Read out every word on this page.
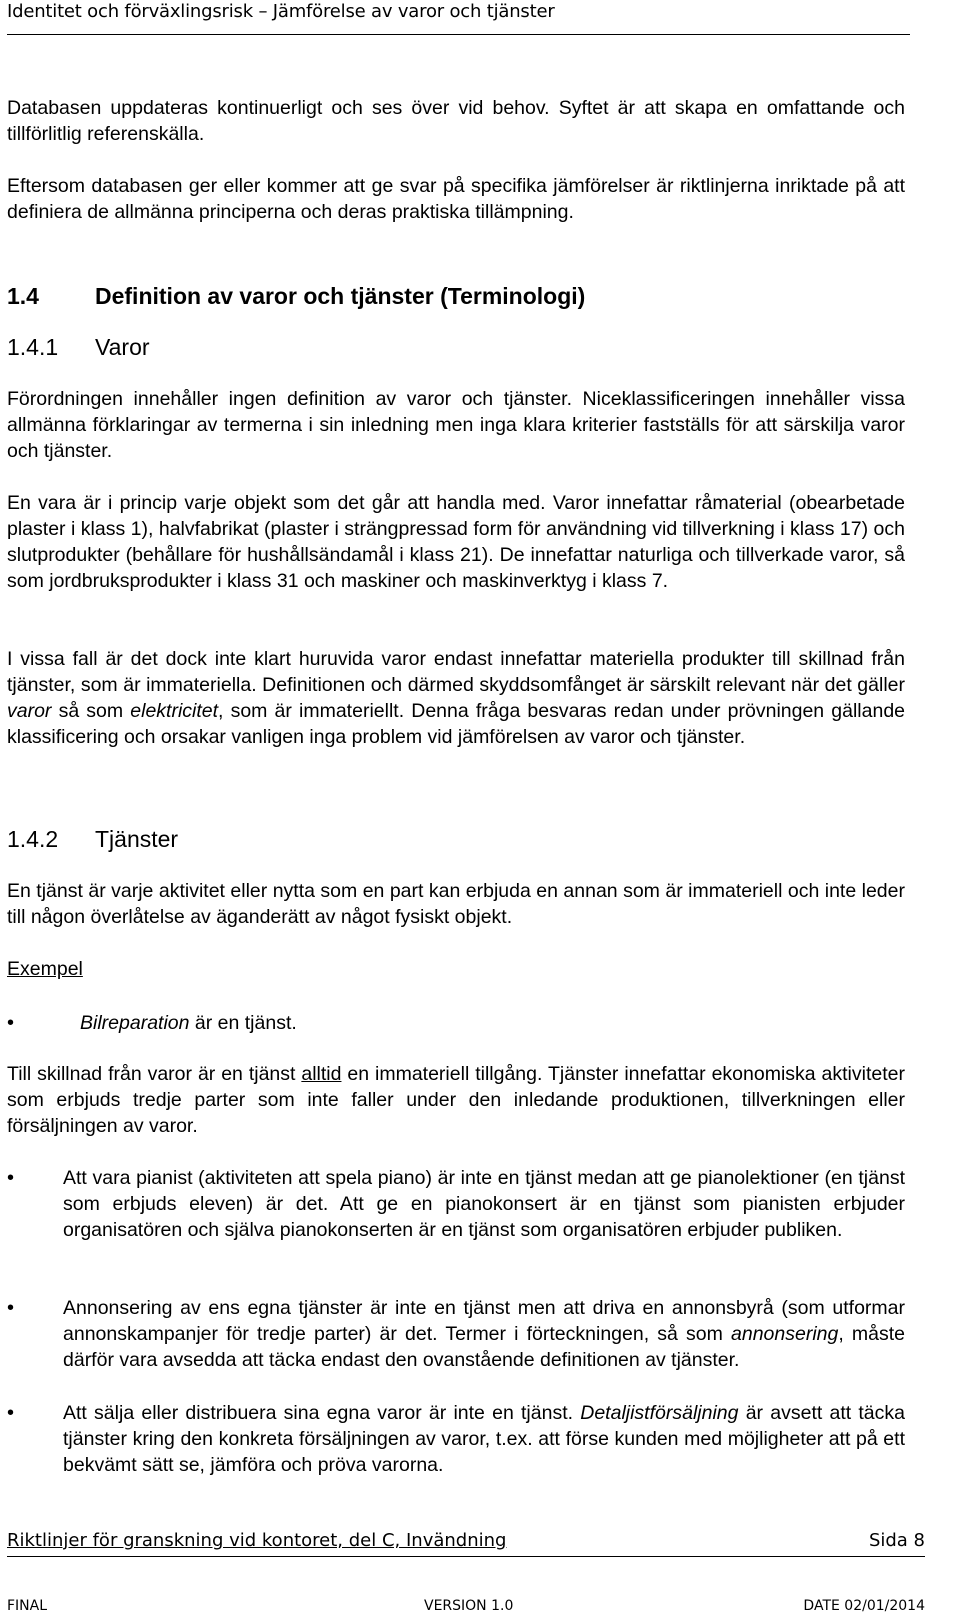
Identitet och förväxlingsrisk – Jämförelse av varor och tjänster

Databasen uppdateras kontinuerligt och ses över vid behov. Syftet är att skapa en omfattande och tillförlitlig referenskälla.

Eftersom databasen ger eller kommer att ge svar på specifika jämförelser är riktlinjerna inriktade på att definiera de allmänna principerna och deras praktiska tillämpning.

1.4 Definition av varor och tjänster (Terminologi)
1.4.1 Varor

Förordningen innehåller ingen definition av varor och tjänster. Niceklassificeringen innehåller vissa allmänna förklaringar av termerna i sin inledning men inga klara kriterier fastställs för att särskilja varor och tjänster.

En vara är i princip varje objekt som det går att handla med. Varor innefattar råmaterial (obearbetade plaster i klass 1), halvfabrikat (plaster i strängpressad form för användning vid tillverkning i klass 17) och slutprodukter (behållare för hushållsändamål i klass 21). De innefattar naturliga och tillverkade varor, så som jordbruksprodukter i klass 31 och maskiner och maskinverktyg i klass 7.

I vissa fall är det dock inte klart huruvida varor endast innefattar materiella produkter till skillnad från tjänster, som är immateriella. Definitionen och därmed skyddsomfånget är särskilt relevant när det gäller varor så som elektricitet, som är immateriellt. Denna fråga besvaras redan under prövningen gällande klassificering och orsakar vanligen inga problem vid jämförelsen av varor och tjänster.

1.4.2 Tjänster

En tjänst är varje aktivitet eller nytta som en part kan erbjuda en annan som är immateriell och inte leder till någon överlåtelse av äganderätt av något fysiskt objekt.

Exempel

•	Bilreparation är en tjänst.

Till skillnad från varor är en tjänst alltid en immateriell tillgång. Tjänster innefattar ekonomiska aktiviteter som erbjuds tredje parter som inte faller under den inledande produktionen, tillverkningen eller försäljningen av varor.

•	Att vara pianist (aktiviteten att spela piano) är inte en tjänst medan att ge pianolektioner (en tjänst som erbjuds eleven) är det. Att ge en pianokonsert är en tjänst som pianisten erbjuder organisatören och själva pianokonserten är en tjänst som organisatören erbjuder publiken.

•	Annonsering av ens egna tjänster är inte en tjänst men att driva en annonsbyrå (som utformar annonskampanjer för tredje parter) är det. Termer i förteckningen, så som annonsering, måste därför vara avsedda att täcka endast den ovanstående definitionen av tjänster.

•	Att sälja eller distribuera sina egna varor är inte en tjänst. Detaljistförsäljning är avsett att täcka tjänster kring den konkreta försäljningen av varor, t.ex. att förse kunden med möjligheter att på ett bekvämt sätt se, jämföra och pröva varorna.

Riktlinjer för granskning vid kontoret, del C, Invändning	Sida 8
FINAL	VERSION 1.0	DATE 02/01/2014
